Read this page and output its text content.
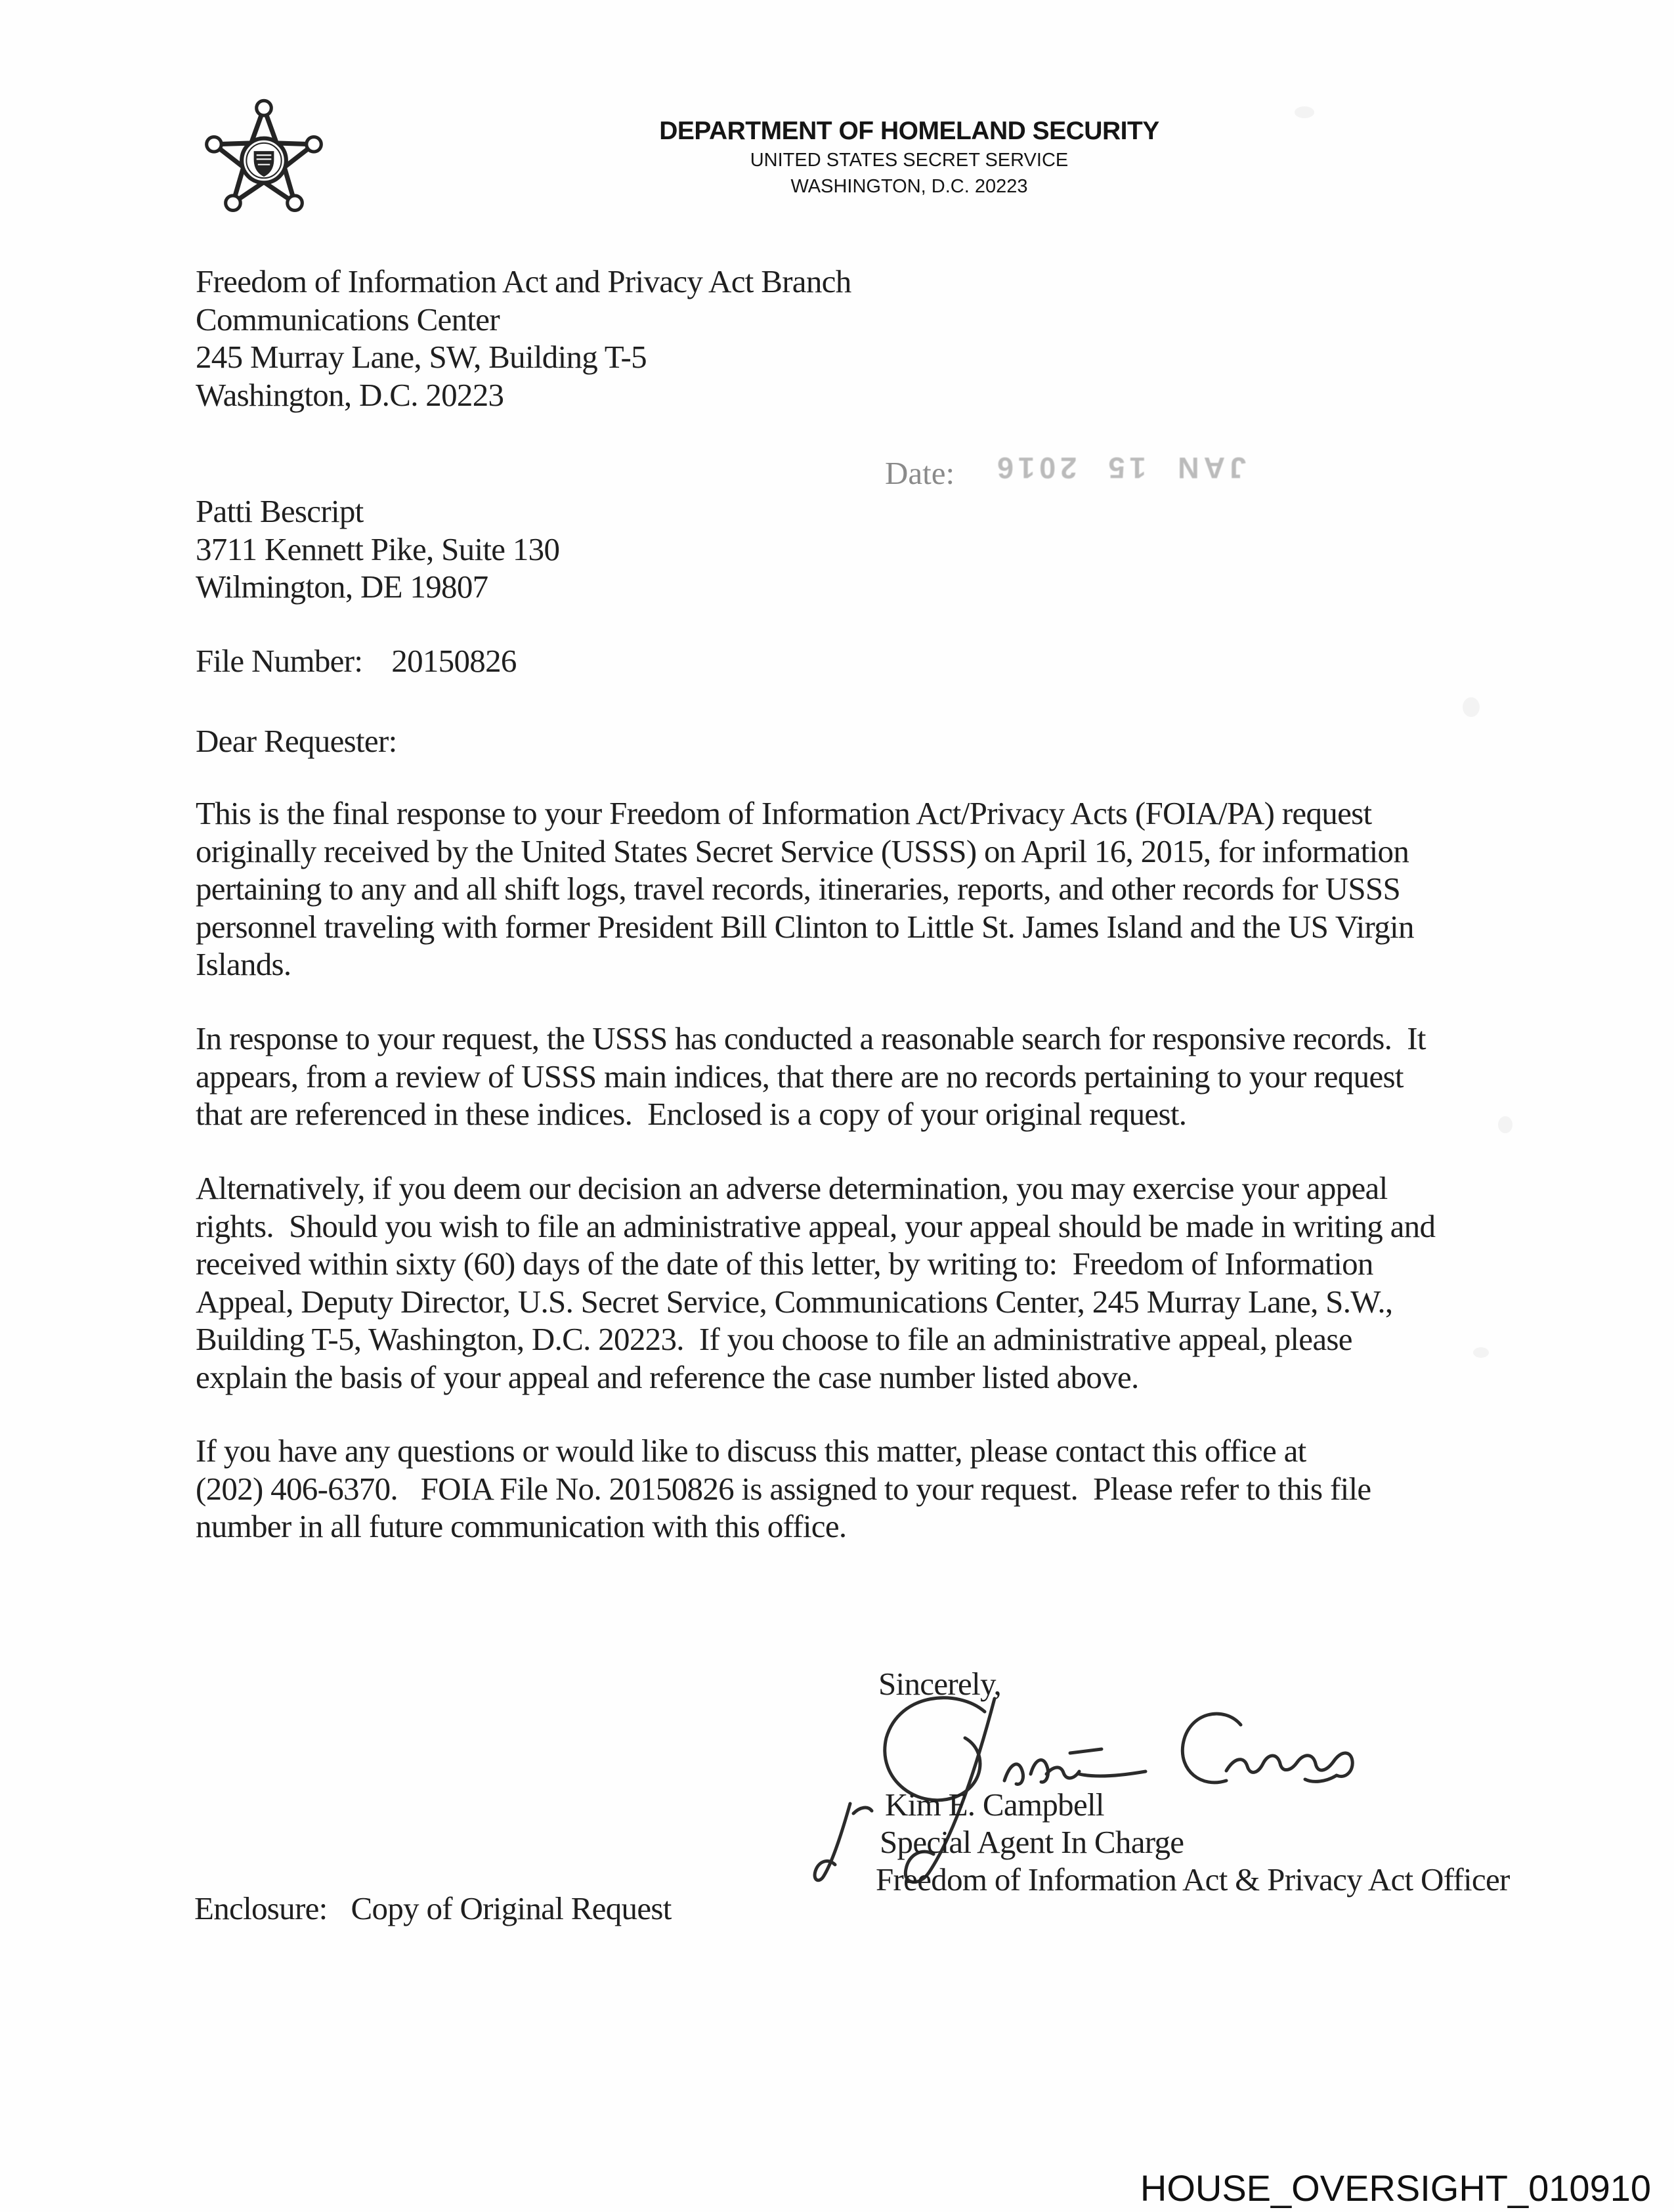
DEPARTMENT OF HOMELAND SECURITY
UNITED STATES SECRET SERVICE
WASHINGTON, D.C. 20223
Freedom of Information Act and Privacy Act Branch
Communications Center
245 Murray Lane, SW, Building T-5
Washington, D.C. 20223
Date: JAN 15 2016
Patti Bescript
3711 Kennett Pike, Suite 130
Wilmington, DE 19807
File Number: 20150826
Dear Requester:
This is the final response to your Freedom of Information Act/Privacy Acts (FOIA/PA) request
originally received by the United States Secret Service (USSS) on April 16, 2015, for information
pertaining to any and all shift logs, travel records, itineraries, reports, and other records for USSS
personnel traveling with former President Bill Clinton to Little St. James Island and the US Virgin
Islands.
In response to your request, the USSS has conducted a reasonable search for responsive records.  It
appears, from a review of USSS main indices, that there are no records pertaining to your request
that are referenced in these indices.  Enclosed is a copy of your original request.
Alternatively, if you deem our decision an adverse determination, you may exercise your appeal
rights.  Should you wish to file an administrative appeal, your appeal should be made in writing and
received within sixty (60) days of the date of this letter, by writing to:  Freedom of Information
Appeal, Deputy Director, U.S. Secret Service, Communications Center, 245 Murray Lane, S.W.,
Building T-5, Washington, D.C. 20223.  If you choose to file an administrative appeal, please
explain the basis of your appeal and reference the case number listed above.
If you have any questions or would like to discuss this matter, please contact this office at
(202) 406-6370.   FOIA File No. 20150826 is assigned to your request.  Please refer to this file
number in all future communication with this office.
Sincerely,
Kim E. Campbell
Special Agent In Charge
Freedom of Information Act & Privacy Act Officer
Enclosure: Copy of Original Request
HOUSE_OVERSIGHT_010910
